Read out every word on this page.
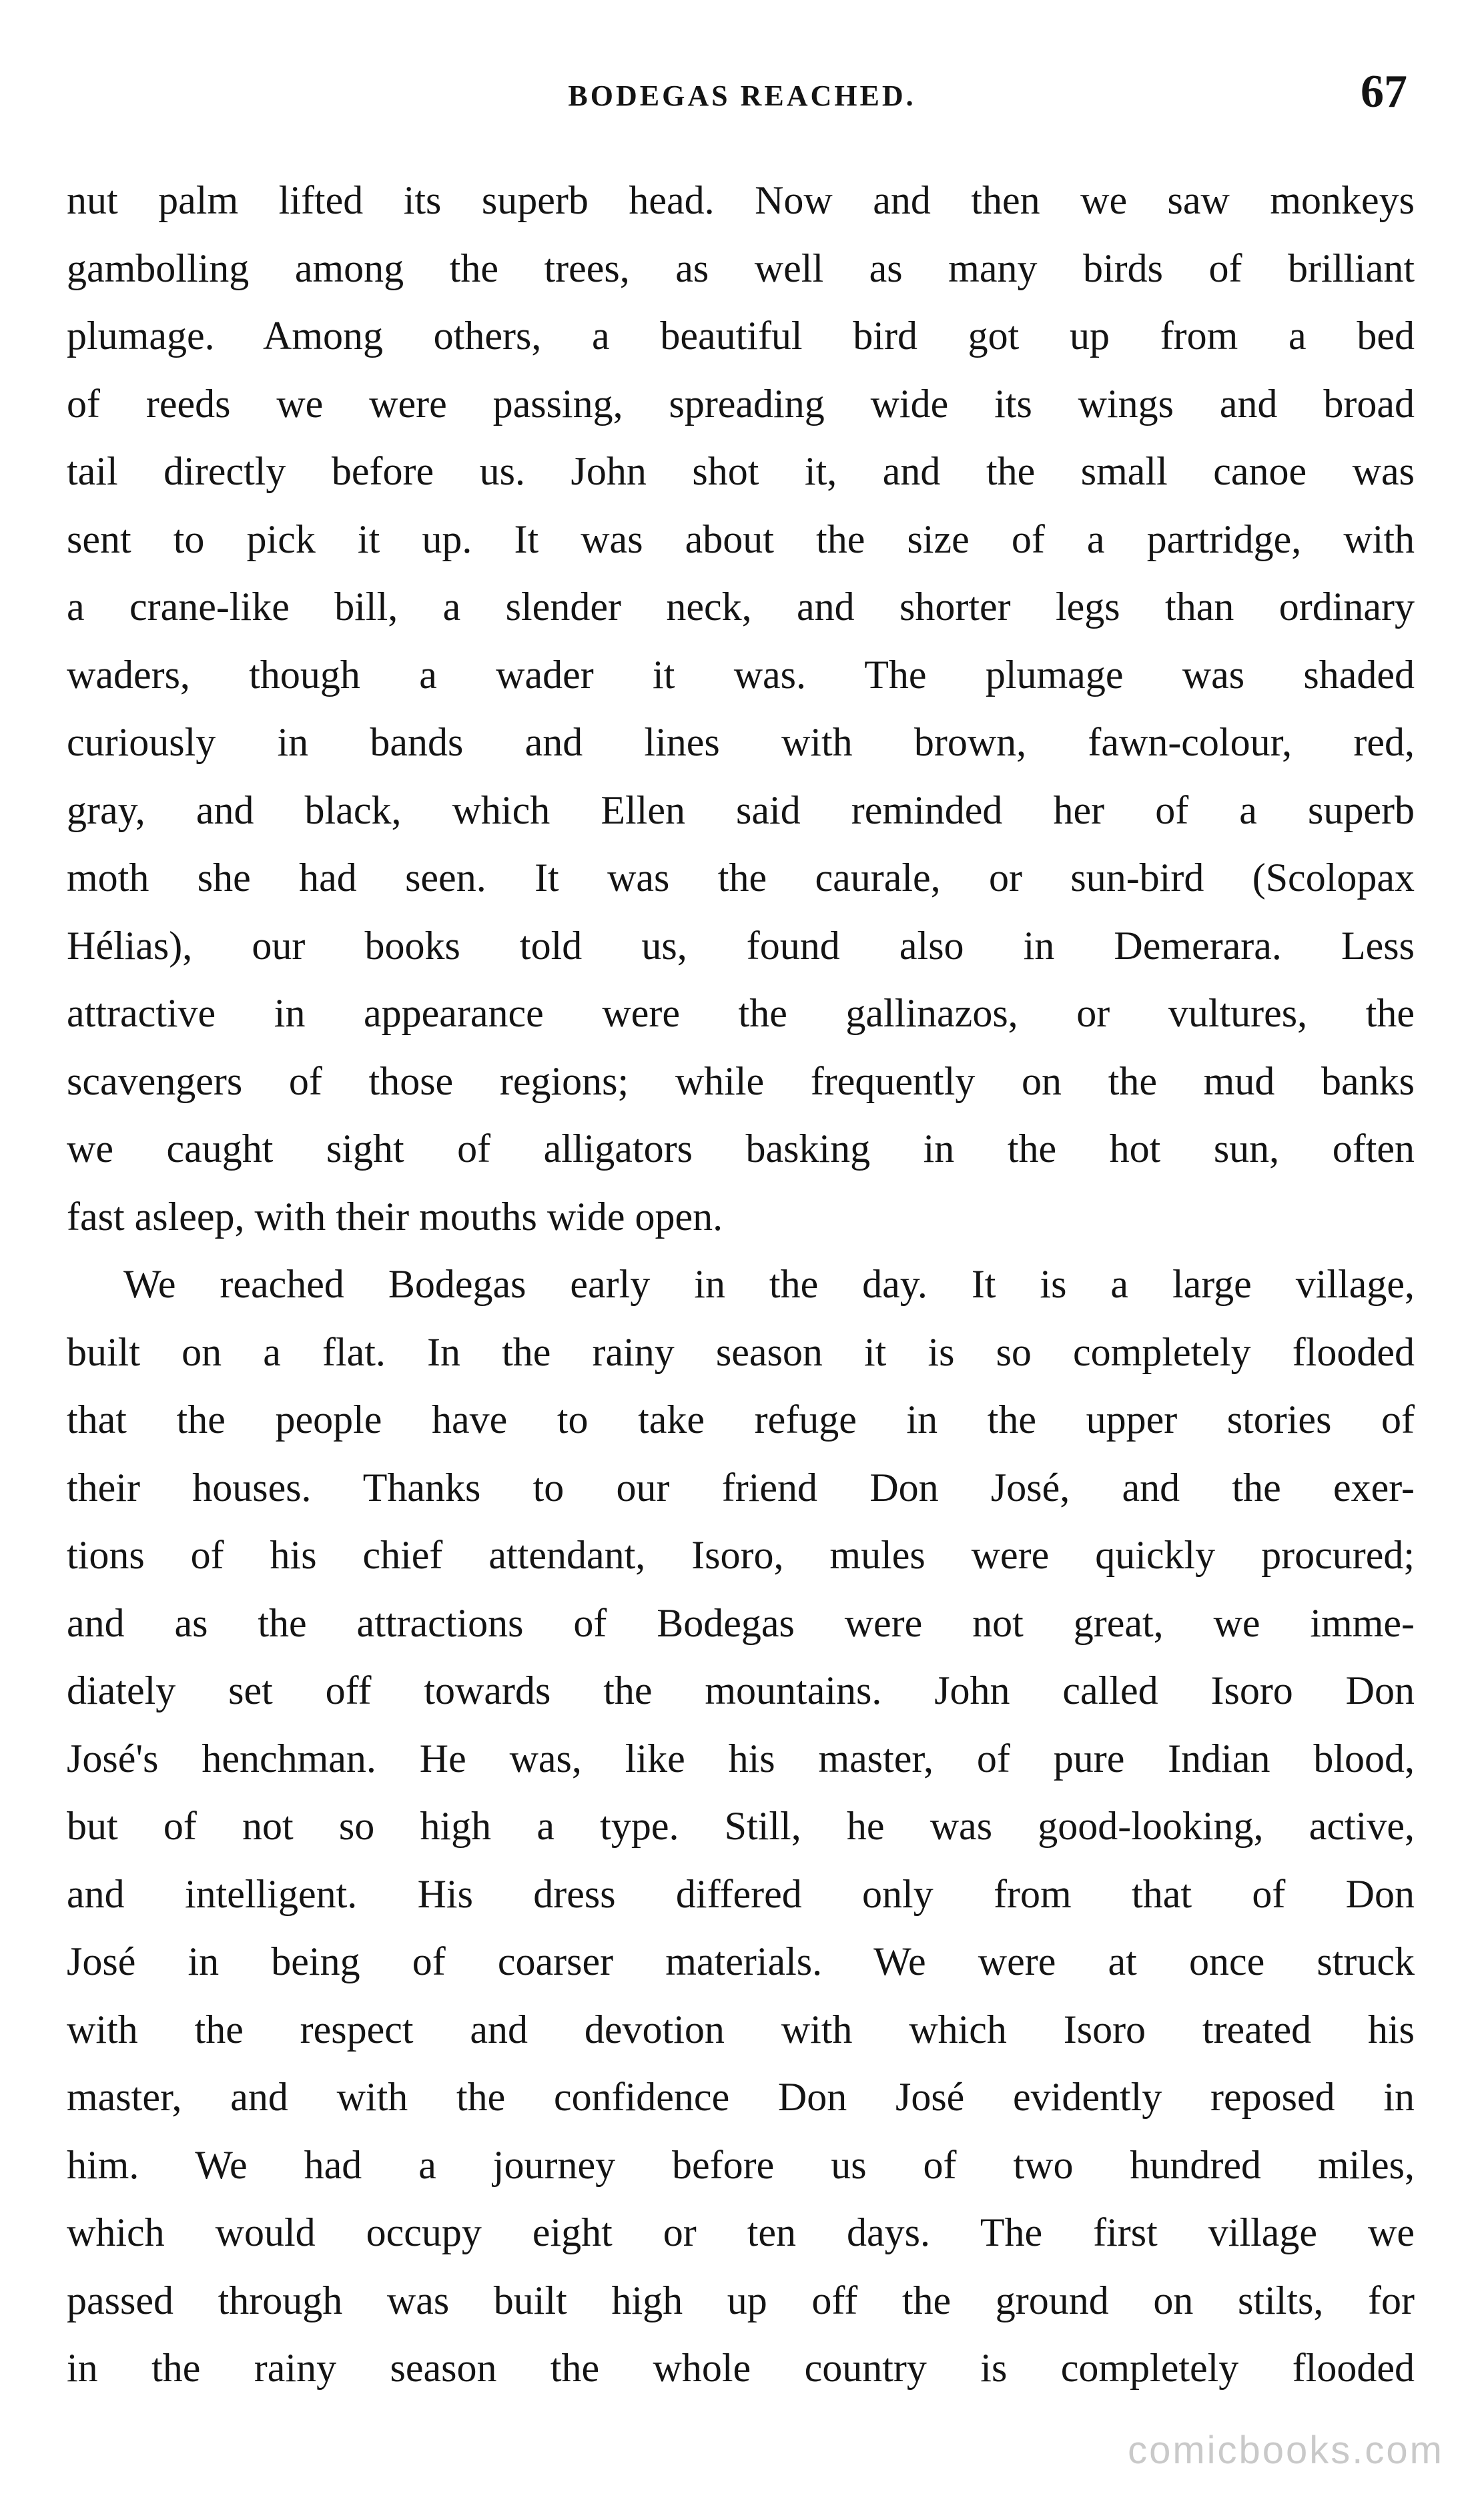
BODEGAS REACHED.	67
nut palm lifted its superb head. Now and then we saw monkeys
gambolling among the trees, as well as many birds of brilliant
plumage. Among others, a beautiful bird got up from a bed
of reeds we were passing, spreading wide its wings and broad
tail directly before us. John shot it, and the small canoe was
sent to pick it up. It was about the size of a partridge, with
a crane-like bill, a slender neck, and shorter legs than ordinary
waders, though a wader it was. The plumage was shaded
curiously in bands and lines with brown, fawn-colour, red,
gray, and black, which Ellen said reminded her of a superb
moth she had seen. It was the caurale, or sun-bird (Scolopax
Hélias), our books told us, found also in Demerara. Less
attractive in appearance were the gallinazos, or vultures, the
scavengers of those regions; while frequently on the mud banks
we caught sight of alligators basking in the hot sun, often
fast asleep, with their mouths wide open.
We reached Bodegas early in the day. It is a large village,
built on a flat. In the rainy season it is so completely flooded
that the people have to take refuge in the upper stories of
their houses. Thanks to our friend Don José, and the exer-
tions of his chief attendant, Isoro, mules were quickly procured;
and as the attractions of Bodegas were not great, we imme-
diately set off towards the mountains. John called Isoro Don
José's henchman. He was, like his master, of pure Indian blood,
but of not so high a type. Still, he was good-looking, active,
and intelligent. His dress differed only from that of Don
José in being of coarser materials. We were at once struck
with the respect and devotion with which Isoro treated his
master, and with the confidence Don José evidently reposed in
him. We had a journey before us of two hundred miles,
which would occupy eight or ten days. The first village we
passed through was built high up off the ground on stilts, for
in the rainy season the whole country is completely flooded
comicbooks.com
